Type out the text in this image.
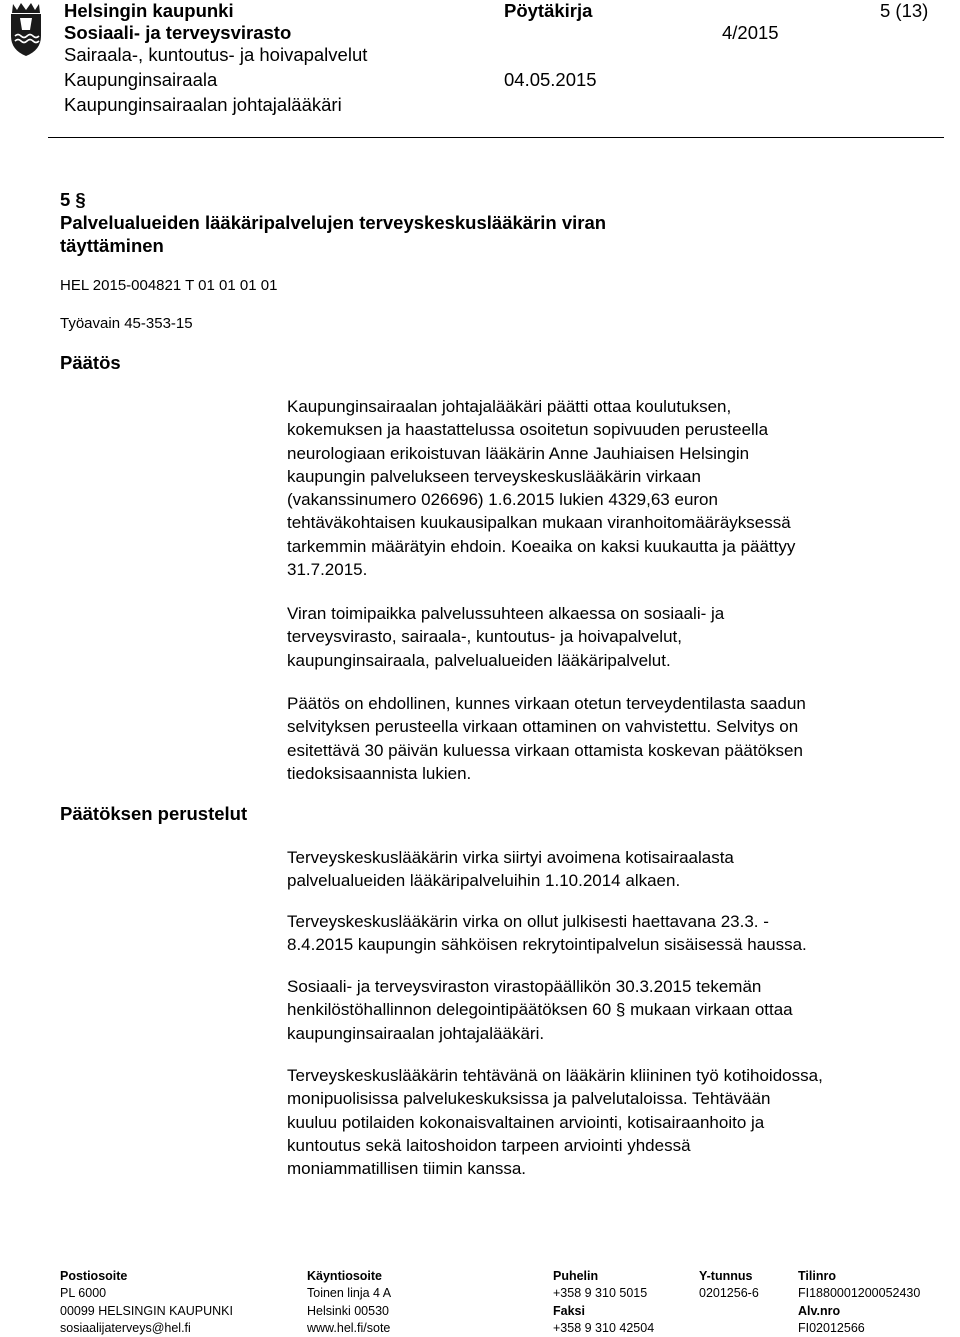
Helsingin kaupunki	Pöytäkirja	5 (13)
Sosiaali- ja terveysvirasto	4/2015
Sairaala-, kuntoutus- ja hoivapalvelut
Kaupunginsairaala	04.05.2015
Kaupunginsairaalan johtajalääkäri
5 §
Palvelualueiden lääkäripalvelujen terveyskeskuslääkärin viran
täyttäminen
HEL 2015-004821 T 01 01 01 01
Työavain 45-353-15
Päätös
Kaupunginsairaalan johtajalääkäri päätti ottaa koulutuksen,
kokemuksen ja haastattelussa osoitetun sopivuuden perusteella
neurologiaan erikoistuvan lääkärin Anne Jauhiaisen Helsingin
kaupungin palvelukseen terveyskeskuslääkärin virkaan
(vakanssinumero 026696) 1.6.2015 lukien 4329,63 euron
tehtäväkohtaisen kuukausipalkan mukaan viranhoitomääräyksessä
tarkemmin määrätyin ehdoin. Koeaika on kaksi kuukautta ja päättyy
31.7.2015.
Viran toimipaikka palvelussuhteen alkaessa on sosiaali- ja
terveysvirasto, sairaala-, kuntoutus- ja hoivapalvelut,
kaupunginsairaala, palvelualueiden lääkäripalvelut.
Päätös on ehdollinen, kunnes virkaan otetun terveydentilasta saadun
selvityksen perusteella virkaan ottaminen on vahvistettu. Selvitys on
esitettävä 30 päivän kuluessa virkaan ottamista koskevan päätöksen
tiedoksisaannista lukien.
Päätöksen perustelut
Terveyskeskuslääkärin virka siirtyi avoimena kotisairaalasta
palvelualueiden lääkäripalveluihin 1.10.2014 alkaen.
Terveyskeskuslääkärin virka on ollut julkisesti haettavana 23.3. -
8.4.2015 kaupungin sähköisen rekrytointipalvelun sisäisessä haussa.
Sosiaali- ja terveysviraston virastopäällikön 30.3.2015 tekemän
henkilöstöhallinnon delegointipäätöksen 60 § mukaan virkaan ottaa
kaupunginsairaalan johtajalääkäri.
Terveyskeskuslääkärin tehtävänä on lääkärin kliininen työ kotihoidossa,
monipuolisissa palvelukeskuksissa ja palvelutaloissa. Tehtävään
kuuluu potilaiden kokonaisvaltainen arviointi, kotisairaanhoito ja
kuntoutus sekä laitoshoidon tarpeen arviointi yhdessä
moniammatillisen tiimin kanssa.
Postiosoite
PL 6000
00099 HELSINGIN KAUPUNKI
sosiaalijaterveys@hel.fi
Käyntiosoite
Toinen linja 4 A
Helsinki 00530
www.hel.fi/sote
Puhelin
+358 9 310 5015
Faksi
+358 9 310 42504
Y-tunnus
0201256-6
Tilinro
FI1880001200052430
Alv.nro
FI02012566
